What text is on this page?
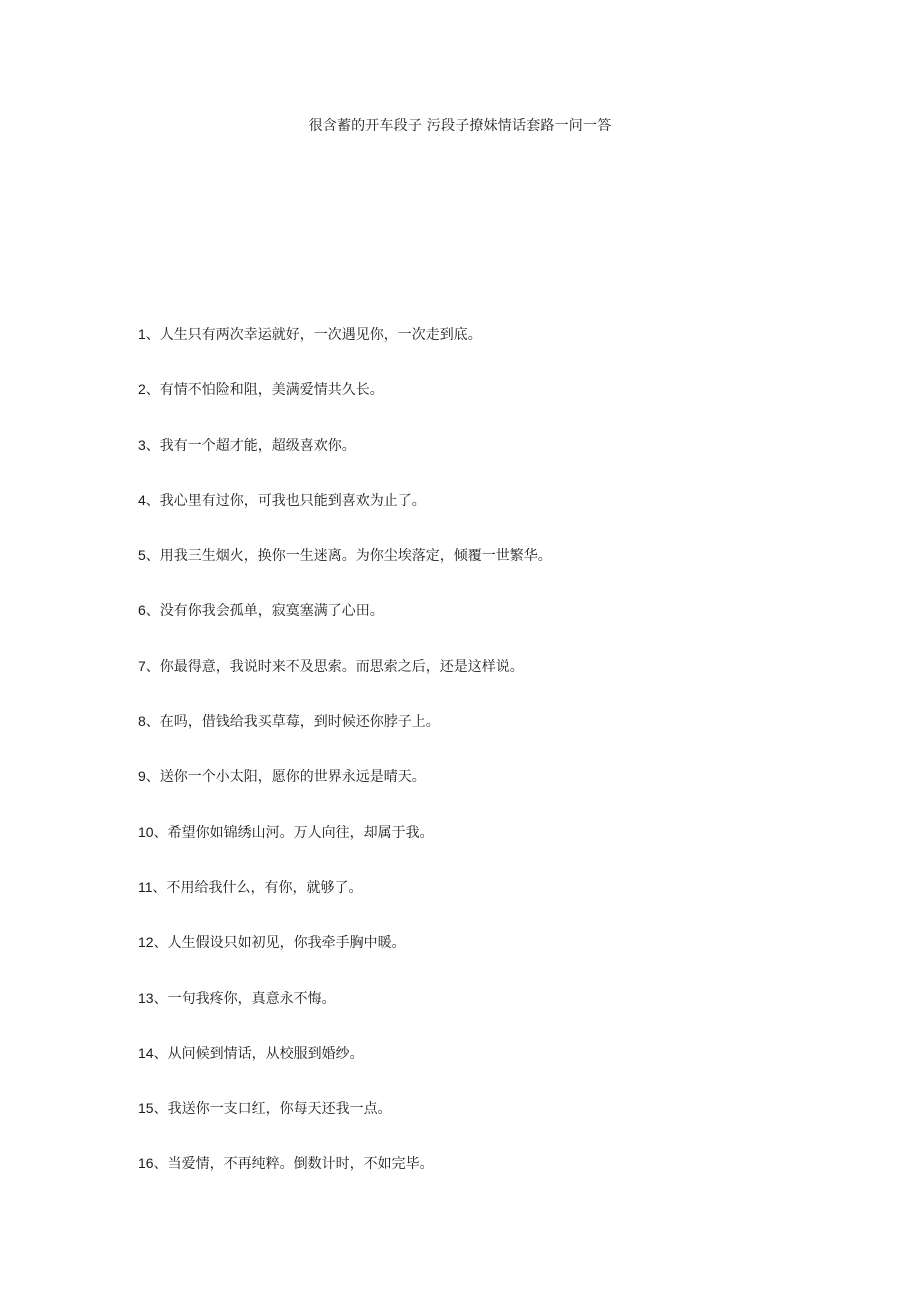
很含蓄的开车段子 污段子撩妹情话套路一问一答
1、人生只有两次幸运就好，一次遇见你，一次走到底。
2、有情不怕险和阻，美满爱情共久长。
3、我有一个超才能，超级喜欢你。
4、我心里有过你，可我也只能到喜欢为止了。
5、用我三生烟火，换你一生迷离。为你尘埃落定，倾覆一世繁华。
6、没有你我会孤单，寂寞塞满了心田。
7、你最得意，我说时来不及思索。而思索之后，还是这样说。
8、在吗，借钱给我买草莓，到时候还你脖子上。
9、送你一个小太阳，愿你的世界永远是晴天。
10、希望你如锦绣山河。万人向往，却属于我。
11、不用给我什么，有你，就够了。
12、人生假设只如初见，你我牵手胸中暖。
13、一句我疼你，真意永不悔。
14、从问候到情话，从校服到婚纱。
15、我送你一支口红，你每天还我一点。
16、当爱情，不再纯粹。倒数计时，不如完毕。
